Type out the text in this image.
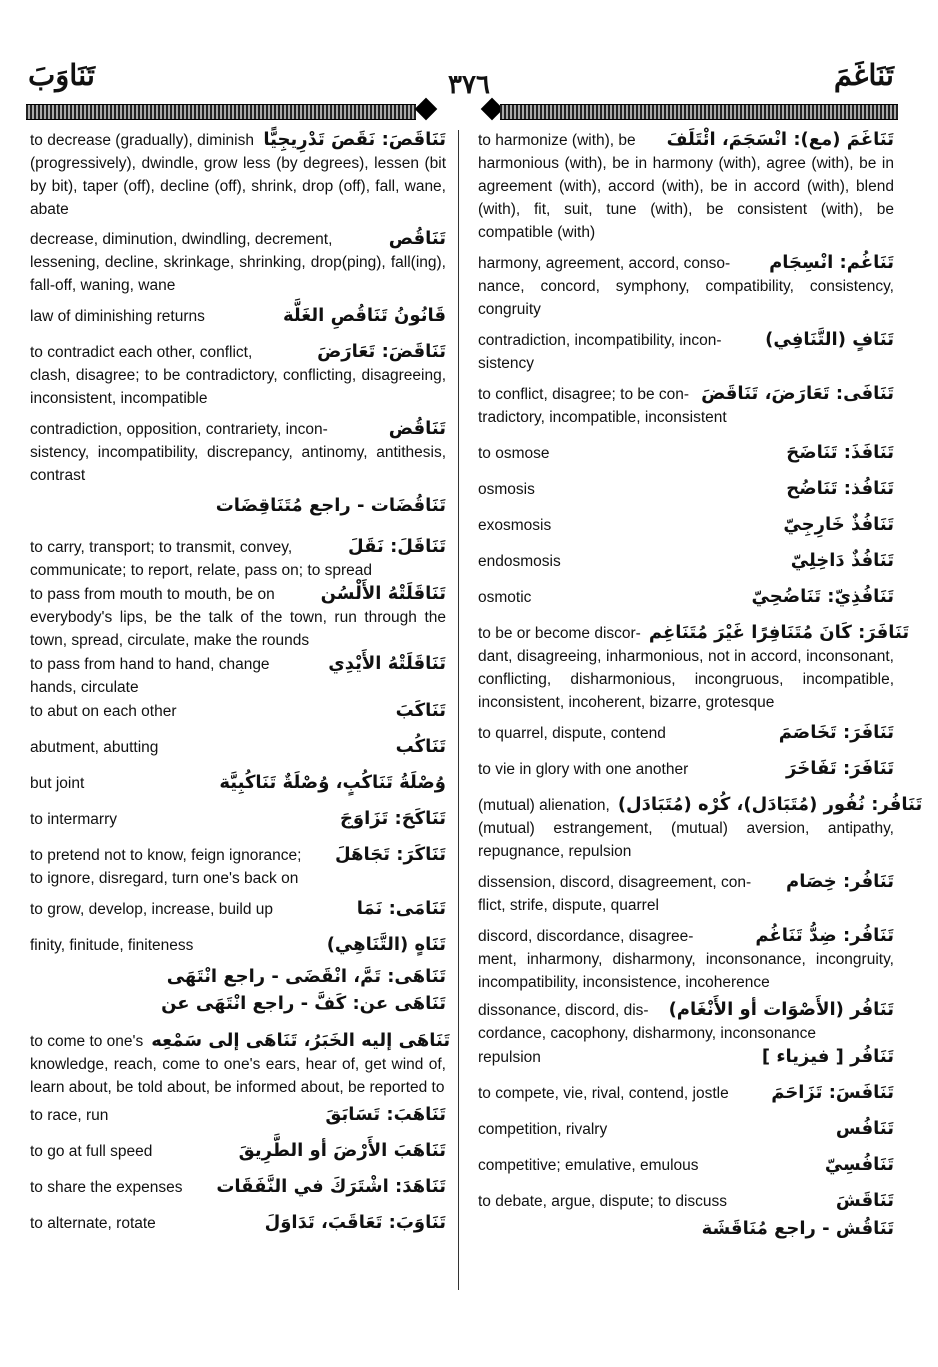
تَنَاغَمَ
٣٧٦
تَنَاوَبَ
to decrease (gradually), diminish تَنَاقَصَ: نَقَصَ تَدْرِيجِيًّا
(progressively), dwindle, grow less (by degrees), lessen (bit by bit), taper (off), decline (off), shrink, drop (off), fall, wane, abate
decrease, diminution, dwindling, decrement,	تَنَاقُص
lessening, decline, skrinkage, shrinking, drop(ping), fall(ing), fall-off, waning, wane
law of diminishing returns	قَانُونُ تَنَاقُصِ الغَلَّة
to contradict each other, conflict,	تَنَاقَضَ: تَعَارَضَ
clash, disagree; to be contradictory, conflicting, disagreeing, inconsistent, incompatible
contradiction, opposition, contrariety, incon-	تَنَاقُض
sistency, incompatibility, discrepancy, antinomy, antithesis, contrast
تَنَاقُضَات - راجع مُتَنَاقِضَات
to carry, transport; to transmit, convey,	تَنَاقَلَ: نَقَلَ
communicate; to report, relate, pass on; to spread
to pass from mouth to mouth, be on	تَنَاقَلَتْهُ الأَلْسُن
everybody's lips, be the talk of the town, run through the town, spread, circulate, make the rounds
to pass from hand to hand, change	تَنَاقَلَتْهُ الأَيْدِي
hands, circulate
to abut on each other	تَنَاكَبَ
abutment, abutting	تَنَاكُب
but joint	وُصْلَةُ تَنَاكُبٍ، وُصْلَةٌ تَنَاكُبِيَّة
to intermarry	تَنَاكَحَ: تَزَاوَجَ
to pretend not to know, feign ignorance; تَنَاكَرَ: تَجَاهَلَ
to ignore, disregard, turn one's back on
to grow, develop, increase, build up	تَنَامَى: نَمَا
finity, finitude, finiteness	تَنَاهٍ (التَّنَاهِي)
تَنَاهَى: تَمَّ، انْقَضَى - راجع انْتَهَى
تَنَاهَى عن: كَفَّ - راجع انْتَهَى عن
to come to one's تَنَاهَى إليه الخَبَرُ، تَنَاهَى إلى سَمْعِه
knowledge, reach, come to one's ears, hear of, get wind of, learn about, be told about, be informed about, be reported to
to race, run	تَنَاهَبَ: تَسَابَقَ
to go at full speed	تَنَاهَبَ الأَرْضَ أو الطَّرِيقَ
to share the expenses تَنَاهَدَ: اشْتَرَكَ في النَّفَقَات
to alternate, rotate	تَنَاوَبَ: تَعَاقَبَ، تَدَاوَلَ
to harmonize (with), be تَنَاغَمَ (مع): انْسَجَمَ، ائْتَلَفَ
harmonious (with), be in harmony (with), agree (with), be in agreement (with), accord (with), be in accord (with), blend (with), fit, suit, tune (with), be consistent (with), be compatible (with)
harmony, agreement, accord, conso- تَنَاغُم: انْسِجَام
nance, concord, symphony, compatibility, consistency, congruity
contradiction, incompatibility, incon- تَنَافٍ (التَّنَافِي)
sistency
to conflict, disagree; to be con- تَنَافَى: تَعَارَضَ، تَنَاقَضَ
tradictory, incompatible, inconsistent
to osmose	تَنَافَذَ: تَنَاضَحَ
osmosis	تَنَافُذ: تَنَاضُح
exosmosis	تَنَافُذٌ خَارِجِيّ
endosmosis	تَنَافُذٌ دَاخِلِيّ
osmotic	تَنَافُذِيّ: تَنَاضُحِيّ
to be or become discor- تَنَافَرَ: كَانَ مُتَنَافِرًا غَيْرَ مُتَنَاغِم
dant, disagreeing, inharmonious, not in accord, inconsonant, conflicting, disharmonious, incongruous, incompatible, inconsistent, incoherent, bizarre, grotesque
to quarrel, dispute, contend	تَنَافَرَ: تَخَاصَمَ
to vie in glory with one another	تَنَافَرَ: تَفَاخَرَ
(mutual) alienation, تَنَافُر: نُفُور (مُتَبَادَل)، كُرْه (مُتَبَادَل)
(mutual) estrangement, (mutual) aversion, antipathy, repugnance, repulsion
dissension, discord, disagreement, con- تَنَافُر: خِصَام
flict, strife, dispute, quarrel
discord, discordance, disagree-	تَنَافُر: ضِدُّ تَنَاغُم
ment, inharmony, disharmony, inconsonance, incongruity, incompatibility, inconsistence, incoherence
dissonance, discord, dis- تَنَافُر (الأَصْوَات أو الأَنْغَام)
cordance, cacophony, disharmony, inconsonance
repulsion	تَنَافُر [ فيزياء ]
to compete, vie, rival, contend, jostle تَنَافَسَ: تَزَاحَمَ
competition, rivalry	تَنَافُس
competitive; emulative, emulous	تَنَافُسِيّ
to debate, argue, dispute; to discuss	تَنَاقَشَ
تَنَاقُش - راجع مُنَاقَشَة
